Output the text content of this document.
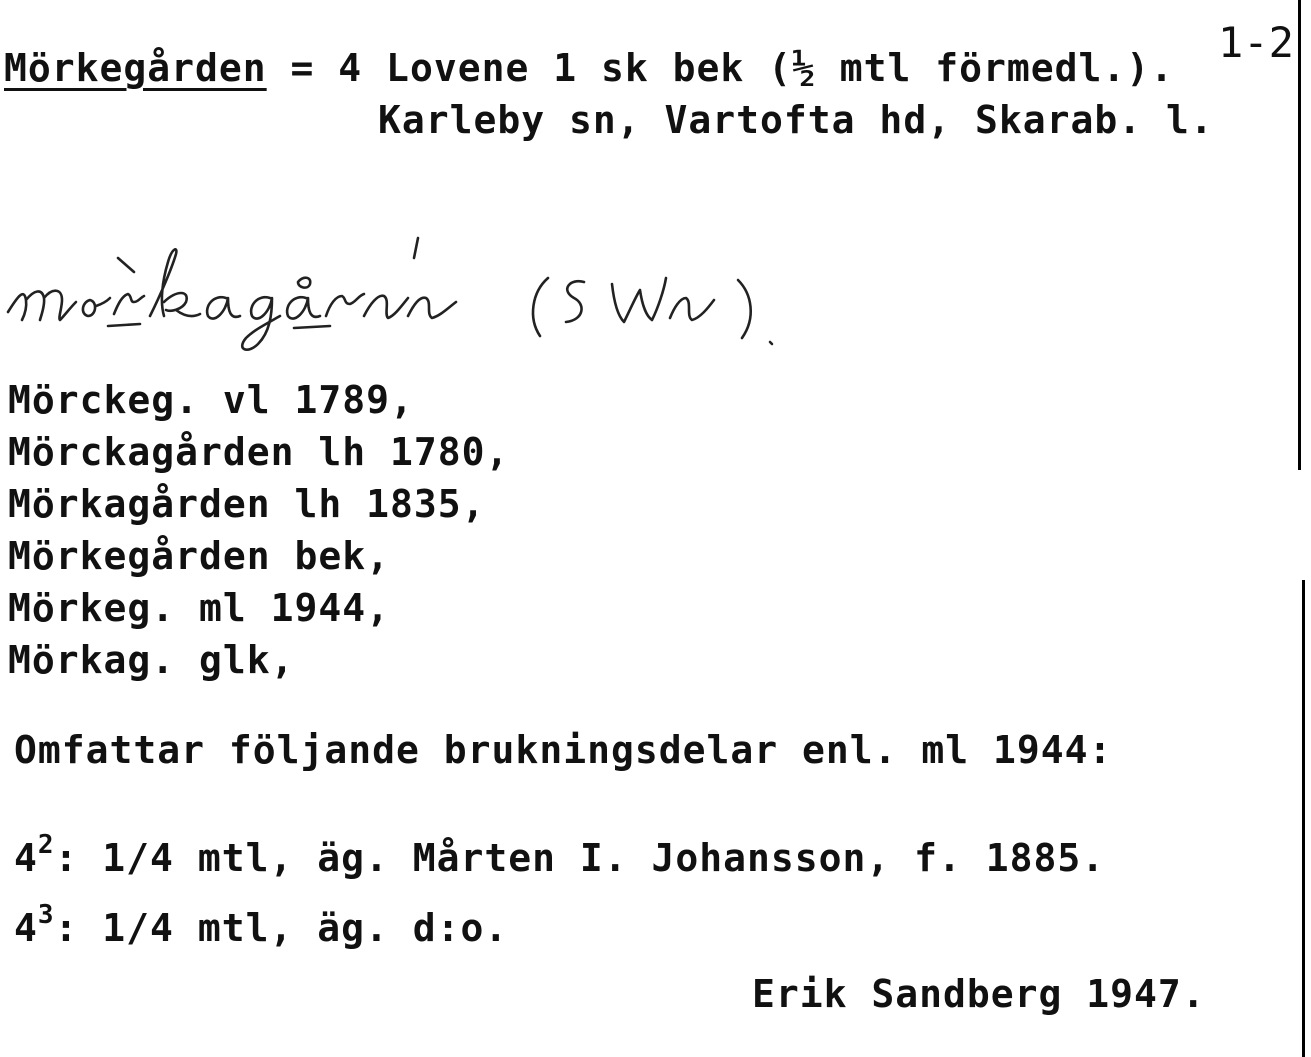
Mörkegården = 4 Lovene 1 sk bek (½ mtl förmedl.).
1-2
Karleby sn, Vartofta hd, Skarab. l.
Mörckeg. vl 1789,
Mörckagården lh 1780,
Mörkagården lh 1835,
Mörkegården bek,
Mörkeg. ml 1944,
Mörkag. glk,
Omfattar följande brukningsdelar enl. ml 1944:
$4^2$: 1/4 mtl, äg. Mårten I. Johansson, f. 1885.
$4^3$: 1/4 mtl, äg. d:o.
Erik Sandberg 1947.
